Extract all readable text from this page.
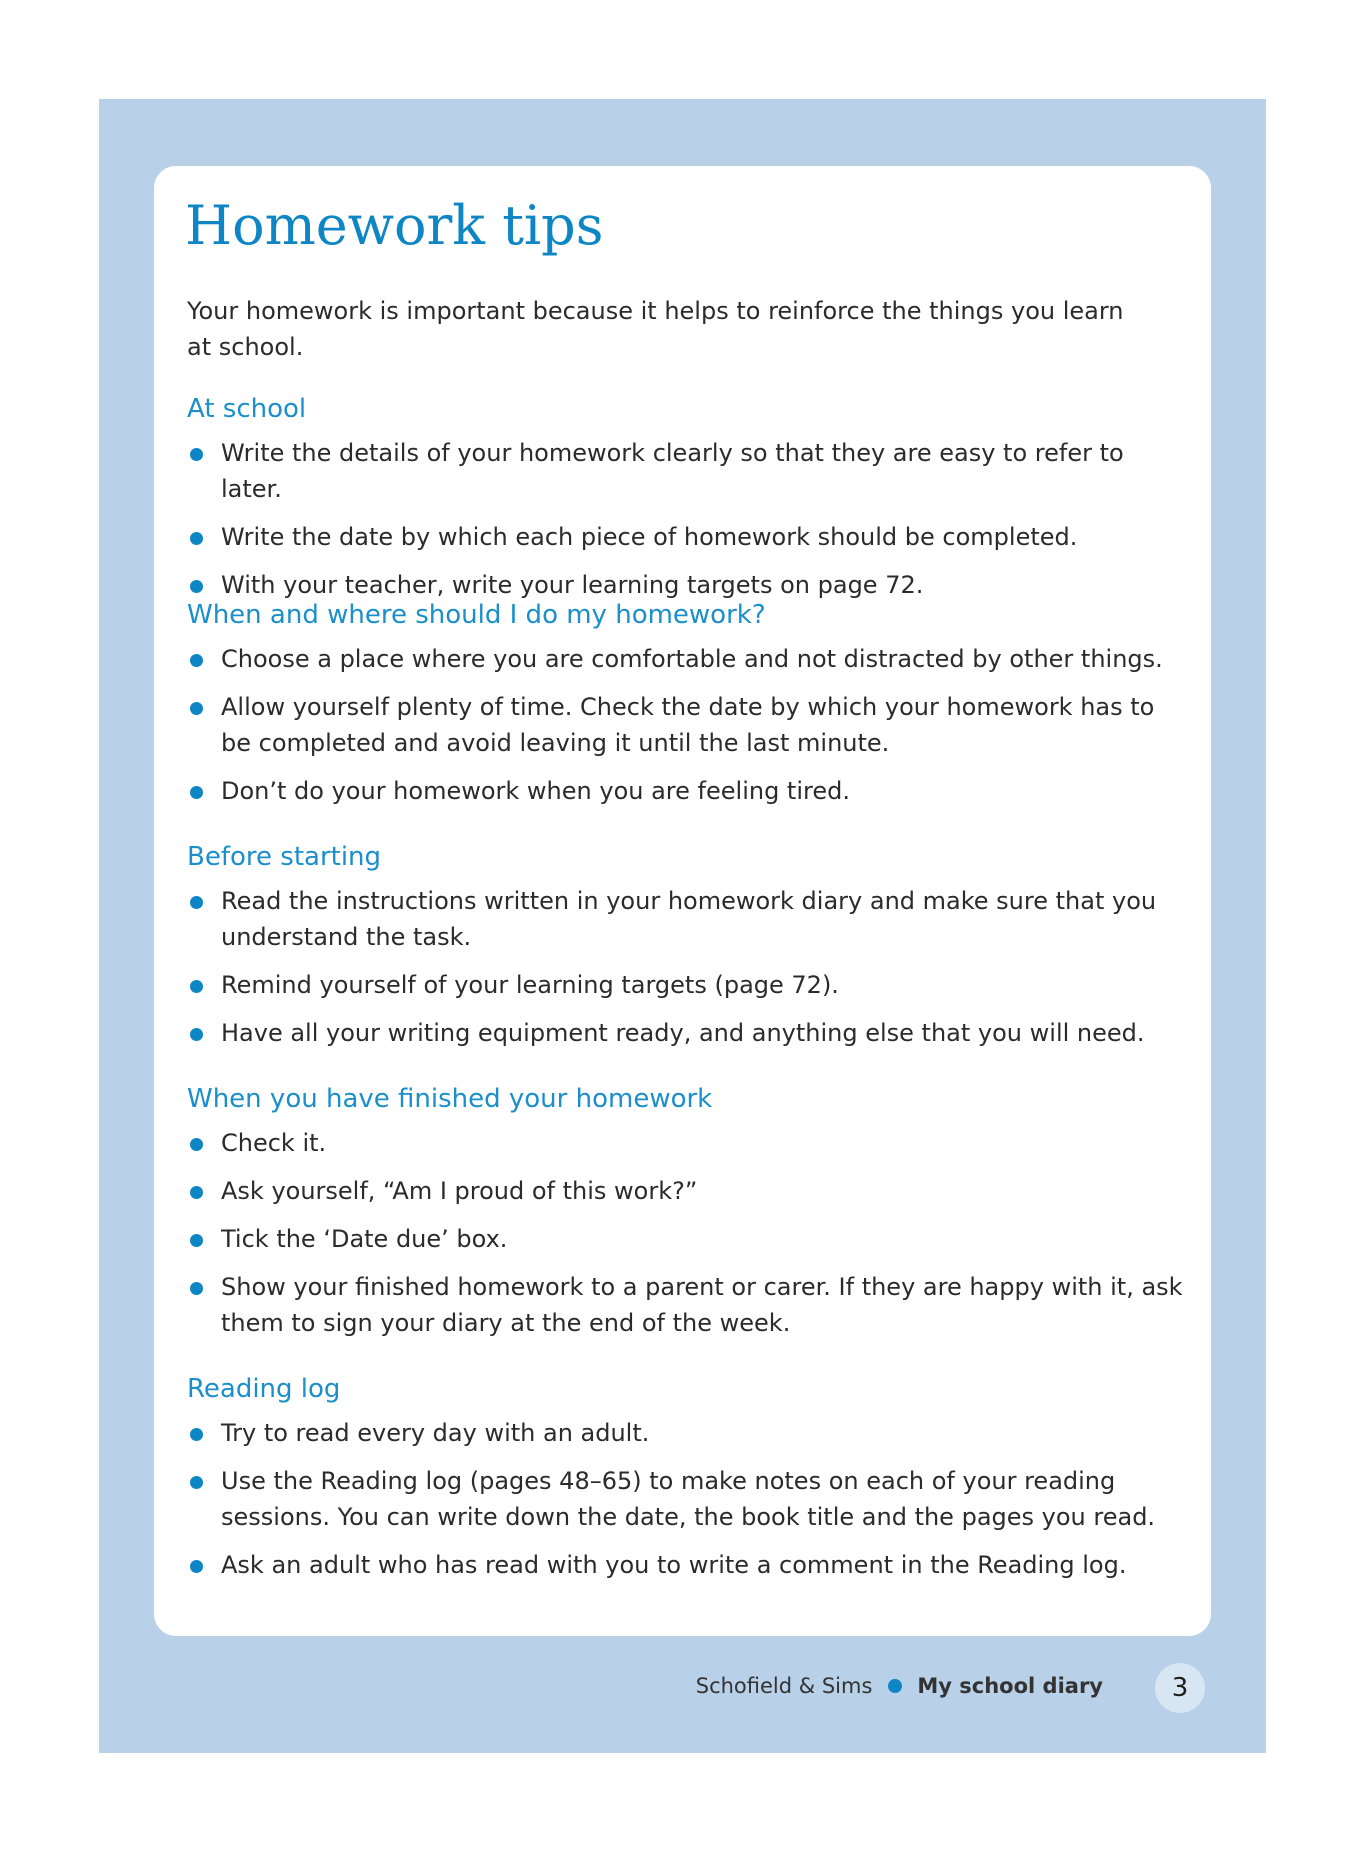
Homework tips

Your homework is important because it helps to reinforce the things you learn at school.

At school
Write the details of your homework clearly so that they are easy to refer to later.
Write the date by which each piece of homework should be completed.
With your teacher, write your learning targets on page 72.
When and where should I do my homework?
Choose a place where you are comfortable and not distracted by other things.
Allow yourself plenty of time. Check the date by which your homework has to be completed and avoid leaving it until the last minute.
Don’t do your homework when you are feeling tired.
Before starting
Read the instructions written in your homework diary and make sure that you understand the task.
Remind yourself of your learning targets (page 72).
Have all your writing equipment ready, and anything else that you will need.
When you have finished your homework
Check it.
Ask yourself, “Am I proud of this work?”
Tick the ‘Date due’ box.
Show your finished homework to a parent or carer. If they are happy with it, ask them to sign your diary at the end of the week.
Reading log
Try to read every day with an adult.
Use the Reading log (pages 48–65) to make notes on each of your reading sessions. You can write down the date, the book title and the pages you read.
Ask an adult who has read with you to write a comment in the Reading log.
Schofield & Sims My school diary	3
